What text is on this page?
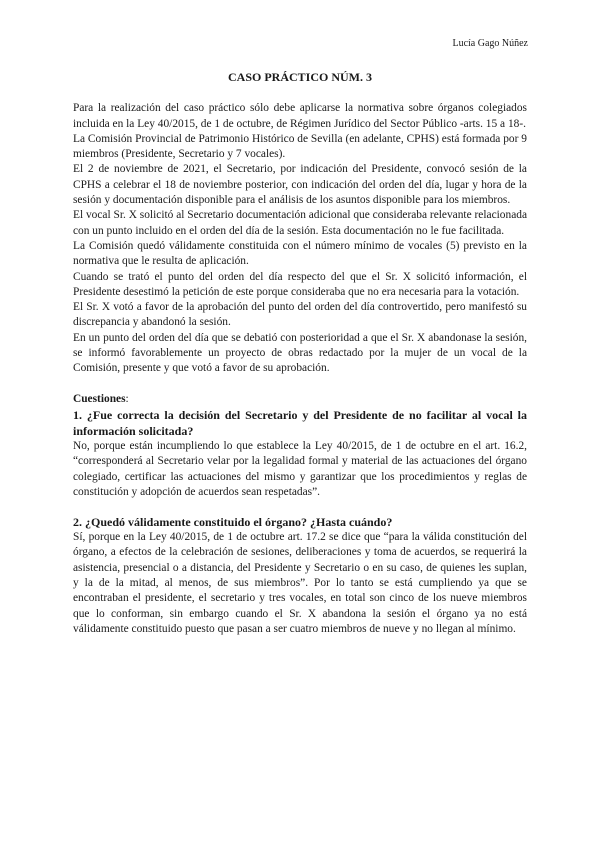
Lucía Gago Núñez

CASO PRÁCTICO NÚM. 3

Para la realización del caso práctico sólo debe aplicarse la normativa sobre órganos colegiados incluida en la Ley 40/2015, de 1 de octubre, de Régimen Jurídico del Sector Público -arts. 15 a 18-.

La Comisión Provincial de Patrimonio Histórico de Sevilla (en adelante, CPHS) está formada por 9 miembros (Presidente, Secretario y 7 vocales).

El 2 de noviembre de 2021, el Secretario, por indicación del Presidente, convocó sesión de la CPHS a celebrar el 18 de noviembre posterior, con indicación del orden del día, lugar y hora de la sesión y documentación disponible para el análisis de los asuntos disponible para los miembros.

El vocal Sr. X solicitó al Secretario documentación adicional que consideraba relevante relacionada con un punto incluido en el orden del día de la sesión. Esta documentación no le fue facilitada.

La Comisión quedó válidamente constituida con el número mínimo de vocales (5) previsto en la normativa que le resulta de aplicación.

Cuando se trató el punto del orden del día respecto del que el Sr. X solicitó información, el Presidente desestimó la petición de este porque consideraba que no era necesaria para la votación.

El Sr. X votó a favor de la aprobación del punto del orden del día controvertido, pero manifestó su discrepancia y abandonó la sesión.

En un punto del orden del día que se debatió con posterioridad a que el Sr. X abandonase la sesión, se informó favorablemente un proyecto de obras redactado por la mujer de un vocal de la Comisión, presente y que votó a favor de su aprobación.

Cuestiones:

1. ¿Fue correcta la decisión del Secretario y del Presidente de no facilitar al vocal la información solicitada?

No, porque están incumpliendo lo que establece la Ley 40/2015, de 1 de octubre en el art. 16.2, “corresponderá al Secretario velar por la legalidad formal y material de las actuaciones del órgano colegiado, certificar las actuaciones del mismo y garantizar que los procedimientos y reglas de constitución y adopción de acuerdos sean respetadas”.

2. ¿Quedó válidamente constituido el órgano? ¿Hasta cuándo?

Sí, porque en la Ley 40/2015, de 1 de octubre art. 17.2 se dice que “para la válida constitución del órgano, a efectos de la celebración de sesiones, deliberaciones y toma de acuerdos, se requerirá la asistencia, presencial o a distancia, del Presidente y Secretario o en su caso, de quienes les suplan, y la de la mitad, al menos, de sus miembros”. Por lo tanto se está cumpliendo ya que se encontraban el presidente, el secretario y tres vocales, en total son cinco de los nueve miembros que lo conforman, sin embargo cuando el Sr. X abandona la sesión el órgano ya no está válidamente constituido puesto que pasan a ser cuatro miembros de nueve y no llegan al mínimo.
